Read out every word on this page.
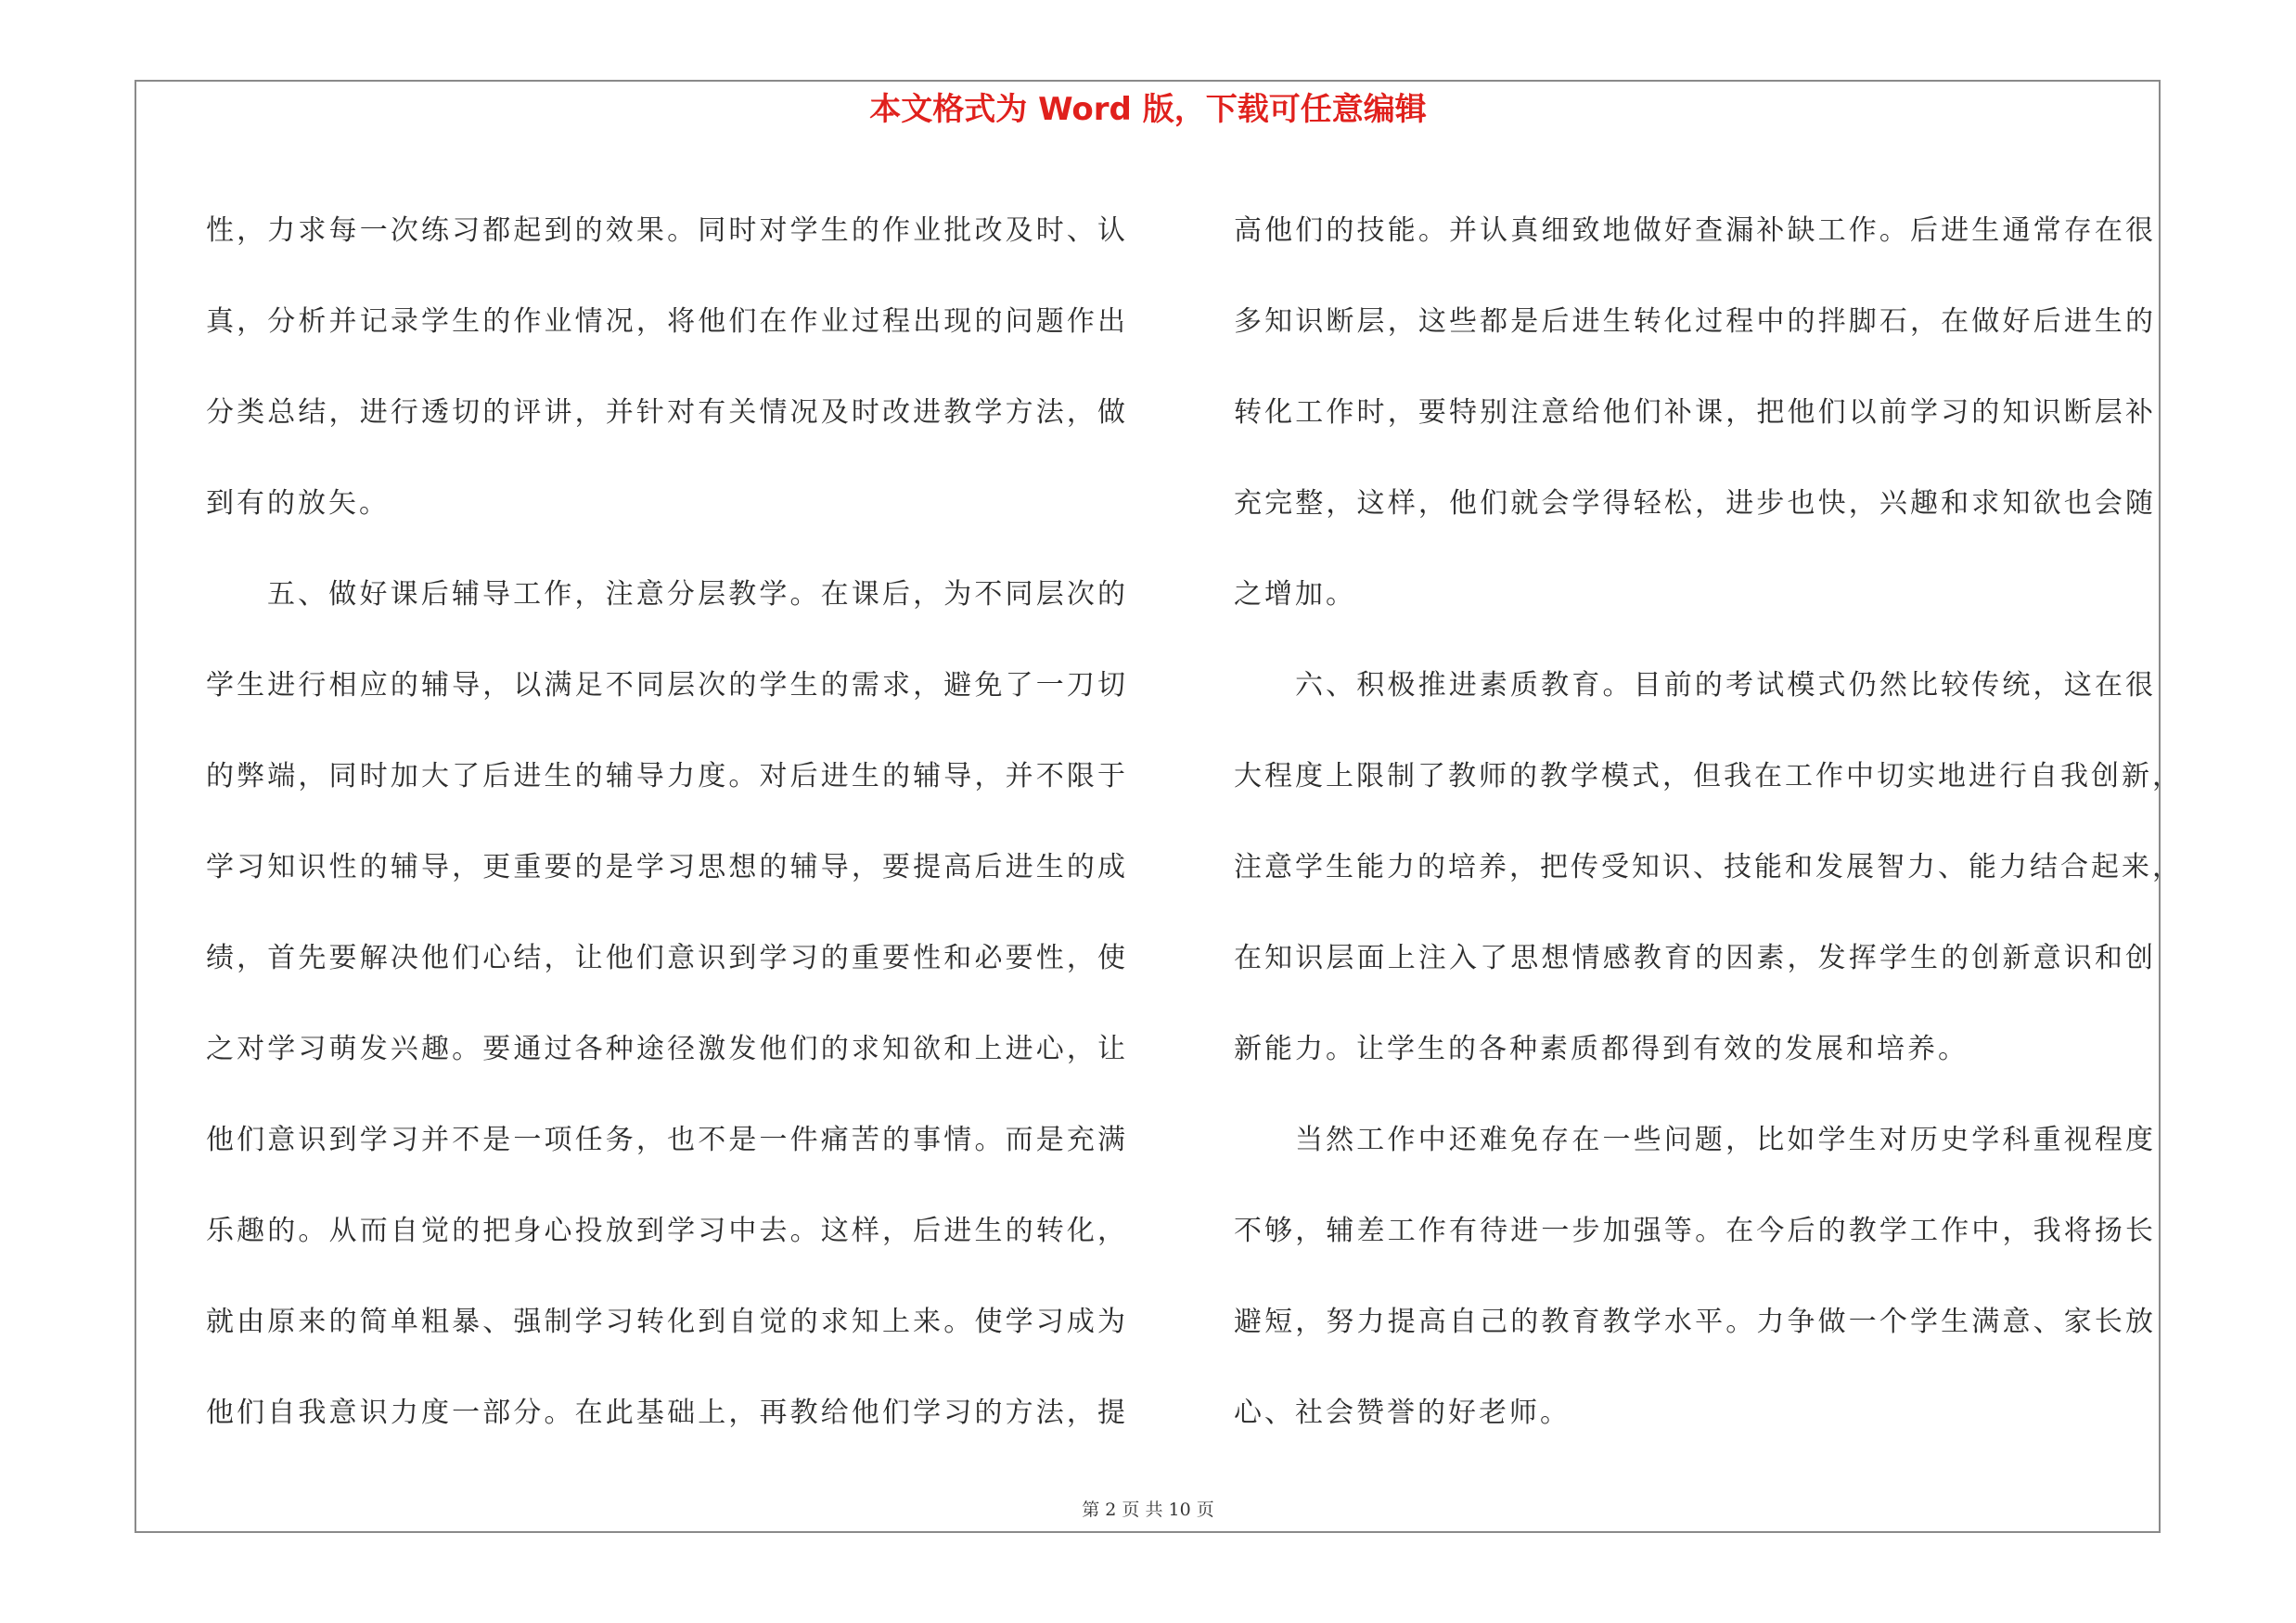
本文格式为 Word 版，下载可任意编辑
性，力求每一次练习都起到的效果。同时对学生的作业批改及时、认
真，分析并记录学生的作业情况，将他们在作业过程出现的问题作出
分类总结，进行透切的评讲，并针对有关情况及时改进教学方法，做
到有的放矢。
五、做好课后辅导工作，注意分层教学。在课后，为不同层次的
学生进行相应的辅导，以满足不同层次的学生的需求，避免了一刀切
的弊端，同时加大了后进生的辅导力度。对后进生的辅导，并不限于
学习知识性的辅导，更重要的是学习思想的辅导，要提高后进生的成
绩，首先要解决他们心结，让他们意识到学习的重要性和必要性，使
之对学习萌发兴趣。要通过各种途径激发他们的求知欲和上进心，让
他们意识到学习并不是一项任务，也不是一件痛苦的事情。而是充满
乐趣的。从而自觉的把身心投放到学习中去。这样，后进生的转化，
就由原来的简单粗暴、强制学习转化到自觉的求知上来。使学习成为
他们自我意识力度一部分。在此基础上，再教给他们学习的方法，提
高他们的技能。并认真细致地做好查漏补缺工作。后进生通常存在很
多知识断层，这些都是后进生转化过程中的拌脚石，在做好后进生的
转化工作时，要特别注意给他们补课，把他们以前学习的知识断层补
充完整，这样，他们就会学得轻松，进步也快，兴趣和求知欲也会随
之增加。
六、积极推进素质教育。目前的考试模式仍然比较传统，这在很
大程度上限制了教师的教学模式，但我在工作中切实地进行自我创新，
注意学生能力的培养，把传受知识、技能和发展智力、能力结合起来，
在知识层面上注入了思想情感教育的因素，发挥学生的创新意识和创
新能力。让学生的各种素质都得到有效的发展和培养。
当然工作中还难免存在一些问题，比如学生对历史学科重视程度
不够，辅差工作有待进一步加强等。在今后的教学工作中，我将扬长
避短，努力提高自己的教育教学水平。力争做一个学生满意、家长放
心、社会赞誉的好老师。
第 2 页 共 10 页
